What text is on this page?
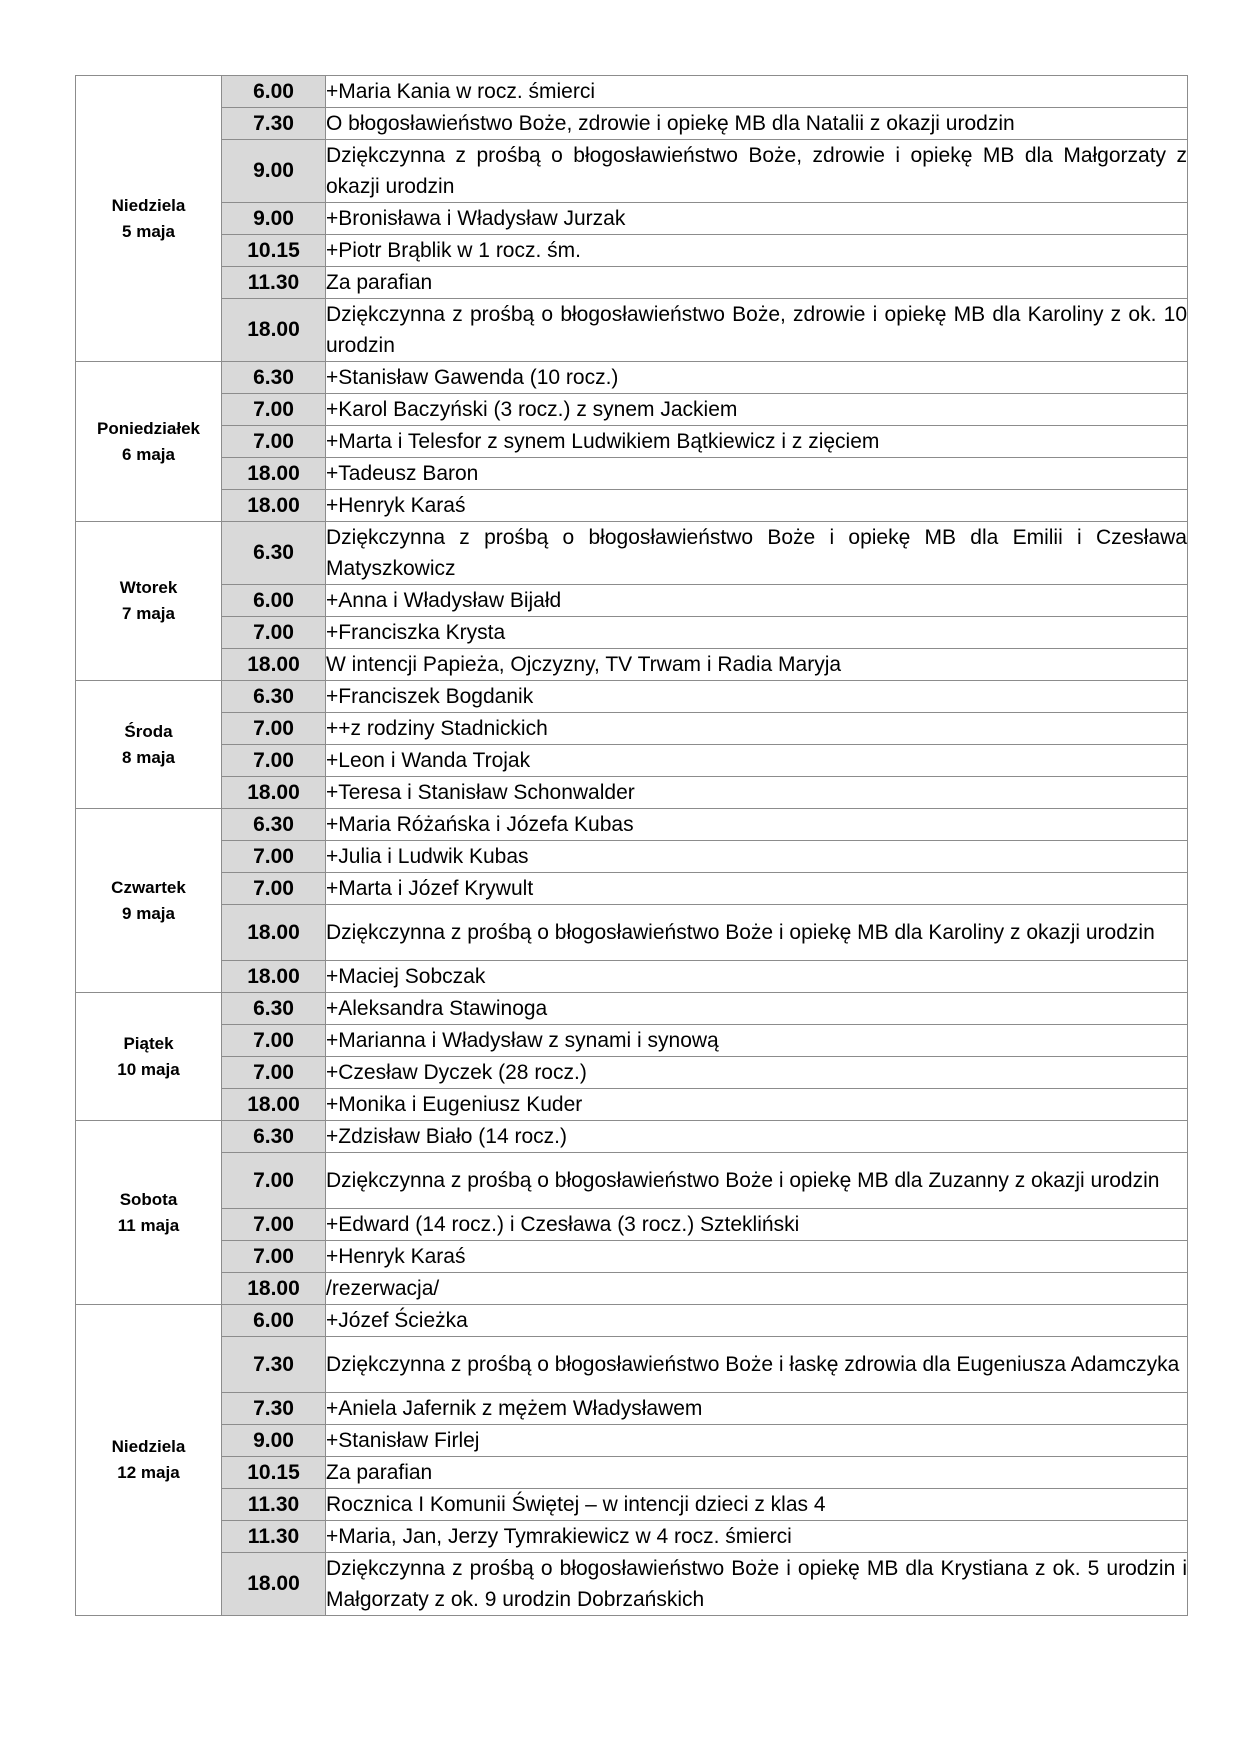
Niedziela
5 maja	6.00	+Maria Kania w rocz. śmierci
	7.30	O błogosławieństwo Boże, zdrowie i opiekę MB dla Natalii z okazji urodzin
	9.00	Dziękczynna z prośbą o błogosławieństwo Boże, zdrowie i opiekę MB dla Małgorzaty z okazji urodzin
	9.00	+Bronisława i Władysław Jurzak
	10.15	+Piotr Brąblik w 1 rocz. śm.
	11.30	Za parafian
	18.00	Dziękczynna z prośbą o błogosławieństwo Boże, zdrowie i opiekę MB dla Karoliny z ok. 10 urodzin

Poniedziałek
6 maja	6.30	+Stanisław Gawenda (10 rocz.)
	7.00	+Karol Baczyński (3 rocz.) z synem Jackiem
	7.00	+Marta i Telesfor z synem Ludwikiem Bątkiewicz i z zięciem
	18.00	+Tadeusz Baron
	18.00	+Henryk Karaś

Wtorek
7 maja	6.30	Dziękczynna z prośbą o błogosławieństwo Boże i opiekę MB dla Emilii i Czesława Matyszkowicz
	6.00	+Anna i Władysław Bijałd
	7.00	+Franciszka Krysta
	18.00	W intencji Papieża, Ojczyzny, TV Trwam i Radia Maryja

Środa
8 maja	6.30	+Franciszek Bogdanik
	7.00	++z rodziny Stadnickich
	7.00	+Leon i Wanda Trojak
	18.00	+Teresa i Stanisław Schonwalder

Czwartek
9 maja	6.30	+Maria Różańska i Józefa Kubas
	7.00	+Julia i Ludwik Kubas
	7.00	+Marta i Józef Krywult
	18.00	Dziękczynna z prośbą o błogosławieństwo Boże i opiekę MB dla Karoliny z okazji urodzin
	18.00	+Maciej Sobczak

Piątek
10 maja	6.30	+Aleksandra Stawinoga
	7.00	+Marianna i Władysław z synami i synową
	7.00	+Czesław Dyczek (28 rocz.)
	18.00	+Monika i Eugeniusz Kuder

Sobota
11 maja	6.30	+Zdzisław Biało (14 rocz.)
	7.00	Dziękczynna z prośbą o błogosławieństwo Boże i opiekę MB dla Zuzanny z okazji urodzin
	7.00	+Edward (14 rocz.) i Czesława (3 rocz.) Sztekliński
	7.00	+Henryk Karaś
	18.00	/rezerwacja/

Niedziela
12 maja	6.00	+Józef Ścieżka
	7.30	Dziękczynna z prośbą o błogosławieństwo Boże i łaskę zdrowia dla Eugeniusza Adamczyka
	7.30	+Aniela Jafernik z mężem Władysławem
	9.00	+Stanisław Firlej
	10.15	Za parafian
	11.30	Rocznica I Komunii Świętej – w intencji dzieci z klas 4
	11.30	+Maria, Jan, Jerzy Tymrakiewicz w 4 rocz. śmierci
	18.00	Dziękczynna z prośbą o błogosławieństwo Boże i opiekę MB dla Krystiana z ok. 5 urodzin i Małgorzaty z ok. 9 urodzin Dobrzańskich
